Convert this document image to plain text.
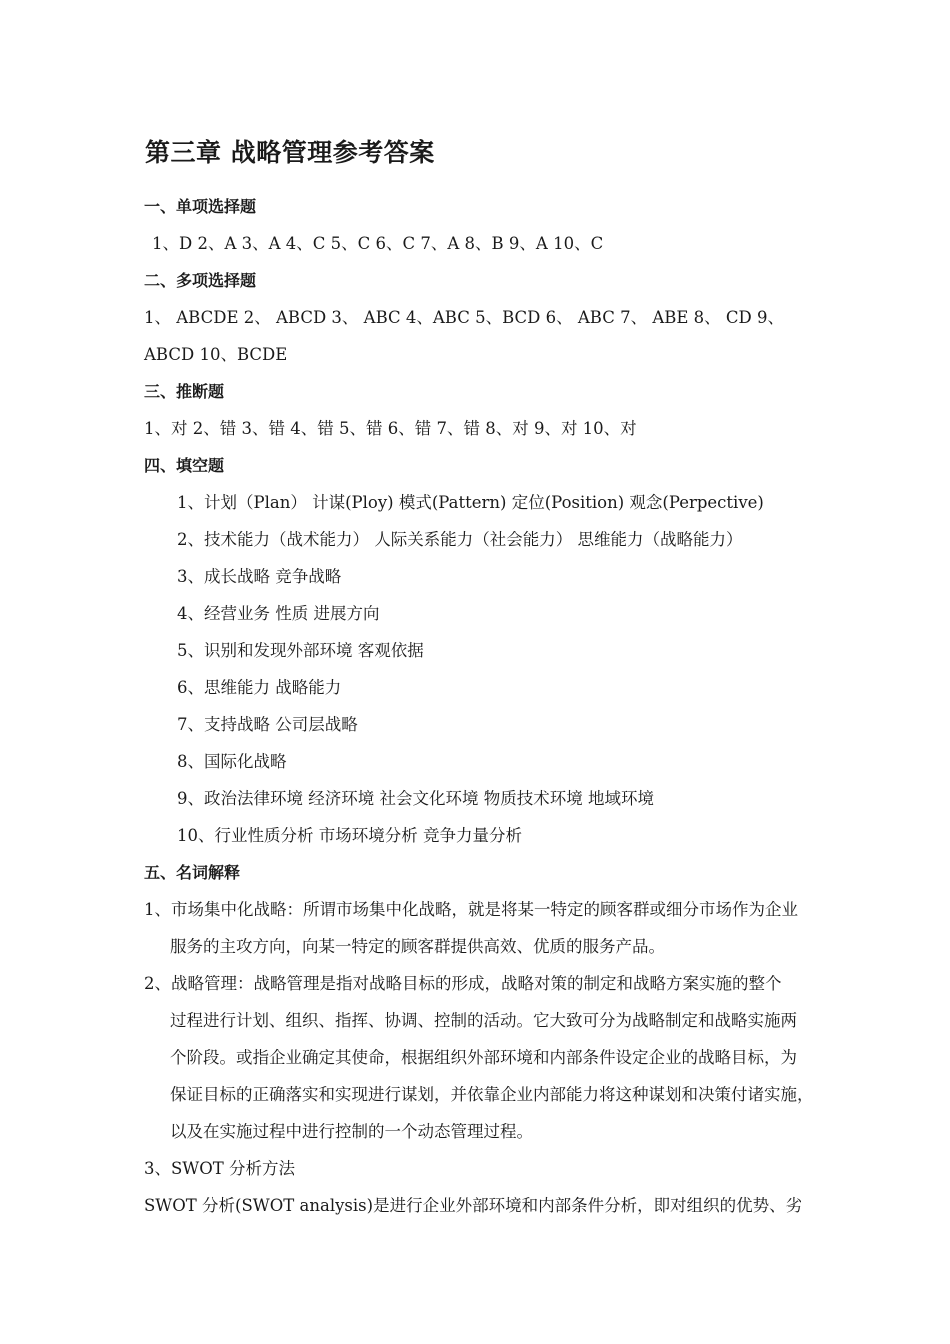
第三章 战略管理参考答案
一、单项选择题
1、D 2、A 3、A 4、C 5、C 6、C 7、A 8、B 9、A 10、C
二、多项选择题
1、 ABCDE 2、 ABCD 3、 ABC 4、ABC 5、BCD 6、 ABC 7、 ABE 8、 CD 9、
ABCD 10、BCDE
三、推断题
1、对 2、错 3、错 4、错 5、错 6、错 7、错 8、对 9、对 10、对
四、填空题
1、计划（Plan） 计谋(Ploy) 模式(Pattern) 定位(Position) 观念(Perpective)
2、技术能力（战术能力） 人际关系能力（社会能力） 思维能力（战略能力）
3、成长战略 竞争战略
4、经营业务 性质 进展方向
5、识别和发现外部环境 客观依据
6、思维能力 战略能力
7、支持战略 公司层战略
8、国际化战略
9、政治法律环境 经济环境 社会文化环境 物质技术环境 地域环境
10、行业性质分析 市场环境分析 竞争力量分析
五、名词解释
1、市场集中化战略：所谓市场集中化战略，就是将某一特定的顾客群或细分市场作为企业
服务的主攻方向，向某一特定的顾客群提供高效、优质的服务产品。
2、战略管理：战略管理是指对战略目标的形成，战略对策的制定和战略方案实施的整个
过程进行计划、组织、指挥、协调、控制的活动。它大致可分为战略制定和战略实施两
个阶段。或指企业确定其使命，根据组织外部环境和内部条件设定企业的战略目标，为
保证目标的正确落实和实现进行谋划，并依靠企业内部能力将这种谋划和决策付诸实施，
以及在实施过程中进行控制的一个动态管理过程。
3、SWOT 分析方法
SWOT 分析(SWOT analysis)是进行企业外部环境和内部条件分析，即对组织的优势、劣
